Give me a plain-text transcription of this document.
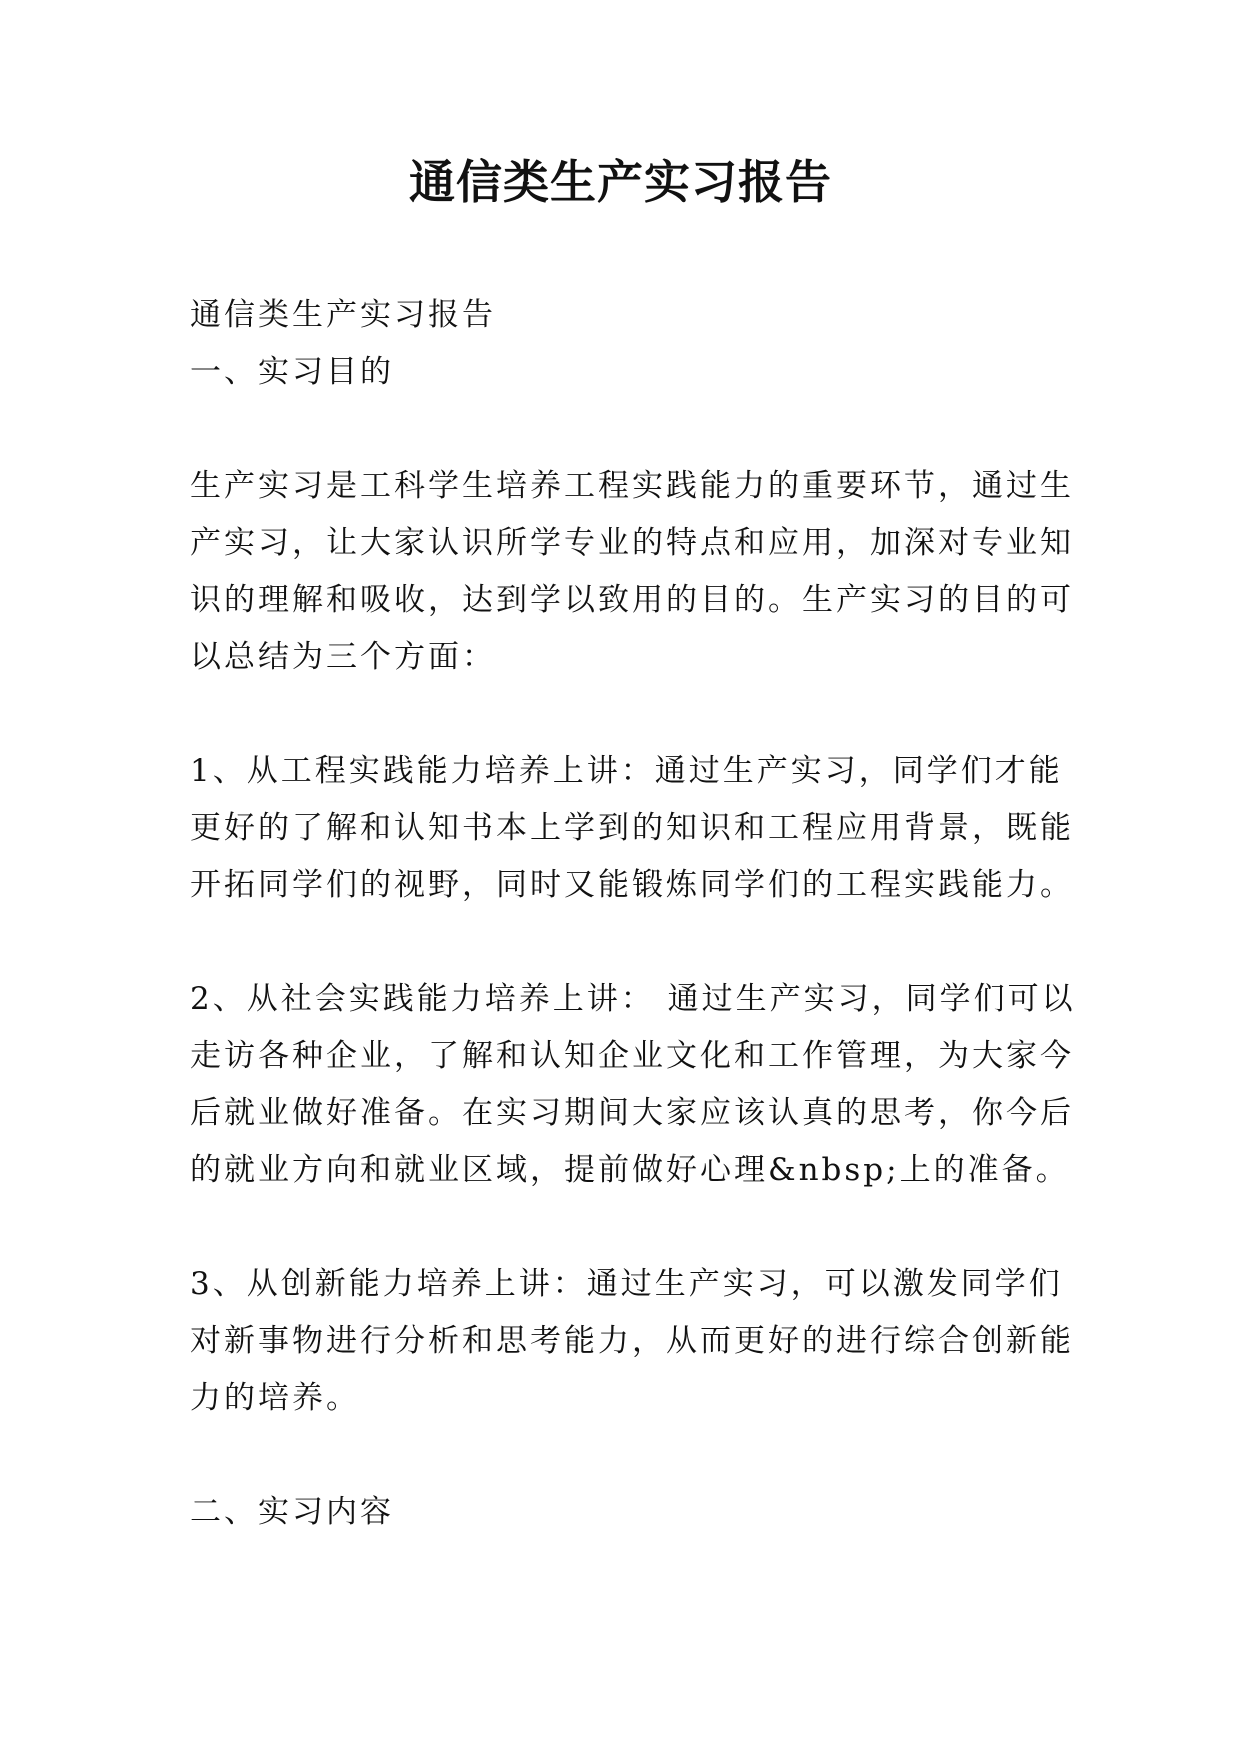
通信类生产实习报告

通信类生产实习报告

一、实习目的

生产实习是工科学生培养工程实践能力的重要环节，通过生

产实习，让大家认识所学专业的特点和应用，加深对专业知

识的理解和吸收，达到学以致用的目的。生产实习的目的可

以总结为三个方面：

1、从工程实践能力培养上讲：通过生产实习，同学们才能

更好的了解和认知书本上学到的知识和工程应用背景，既能

开拓同学们的视野，同时又能锻炼同学们的工程实践能力。

2、从社会实践能力培养上讲： 通过生产实习，同学们可以

走访各种企业，了解和认知企业文化和工作管理，为大家今

后就业做好准备。在实习期间大家应该认真的思考，你今后

的就业方向和就业区域，提前做好心理&nbsp;上的准备。

3、从创新能力培养上讲：通过生产实习，可以激发同学们

对新事物进行分析和思考能力，从而更好的进行综合创新能

力的培养。

二、实习内容
